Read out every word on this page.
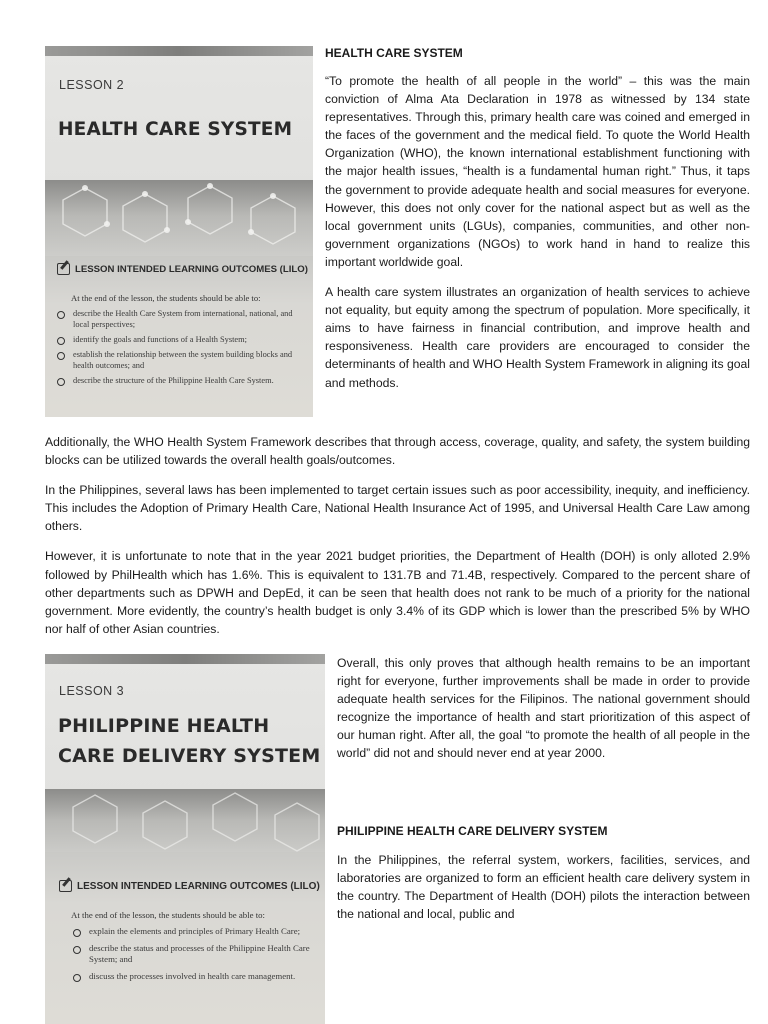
LESSON 2
HEALTH CARE SYSTEM
LESSON INTENDED LEARNING OUTCOMES (LILO)
At the end of the lesson, the students should be able to:
describe the Health Care System from international, national, and local perspectives;
identify the goals and functions of a Health System;
establish the relationship between the system building blocks and health outcomes; and
describe the structure of the Philippine Health Care System.

HEALTH CARE SYSTEM

“To promote the health of all people in the world” – this was the main conviction of Alma Ata Declaration in 1978 as witnessed by 134 state representatives. Through this, primary health care was coined and emerged in the faces of the government and the medical field. To quote the World Health Organization (WHO), the known international establishment functioning with the major health issues, “health is a fundamental human right.” Thus, it taps the government to provide adequate health and social measures for everyone. However, this does not only cover for the national aspect but as well as the local government units (LGUs), companies, communities, and other non-government organizations (NGOs) to work hand in hand to realize this important worldwide goal.

A health care system illustrates an organization of health services to achieve not equality, but equity among the spectrum of population. More specifically, it aims to have fairness in financial contribution, and improve health and responsiveness. Health care providers are encouraged to consider the determinants of health and WHO Health System Framework in aligning its goal and methods.

Additionally, the WHO Health System Framework describes that through access, coverage, quality, and safety, the system building blocks can be utilized towards the overall health goals/outcomes.

In the Philippines, several laws has been implemented to target certain issues such as poor accessibility, inequity, and inefficiency. This includes the Adoption of Primary Health Care, National Health Insurance Act of 1995, and Universal Health Care Law among others.

However, it is unfortunate to note that in the year 2021 budget priorities, the Department of Health (DOH) is only alloted 2.9% followed by PhilHealth which has 1.6%. This is equivalent to 131.7B and 71.4B, respectively. Compared to the percent share of other departments such as DPWH and DepEd, it can be seen that health does not rank to be much of a priority for the national government. More evidently, the country’s health budget is only 3.4% of its GDP which is lower than the prescribed 5% by WHO nor half of other Asian countries.

LESSON 3
PHILIPPINE HEALTH
CARE DELIVERY SYSTEM
LESSON INTENDED LEARNING OUTCOMES (LILO)
At the end of the lesson, the students should be able to:
explain the elements and principles of Primary Health Care;
describe the status and processes of the Philippine Health Care System; and
discuss the processes involved in health care management.

Overall, this only proves that although health remains to be an important right for everyone, further improvements shall be made in order to provide adequate health services for the Filipinos. The national government should recognize the importance of health and start prioritization of this aspect of our human right. After all, the goal “to promote the health of all people in the world” did not and should never end at year 2000.

PHILIPPINE HEALTH CARE DELIVERY SYSTEM

In the Philippines, the referral system, workers, facilities, services, and laboratories are organized to form an efficient health care delivery system in the country. The Department of Health (DOH) pilots the interaction between the national and local, public and
